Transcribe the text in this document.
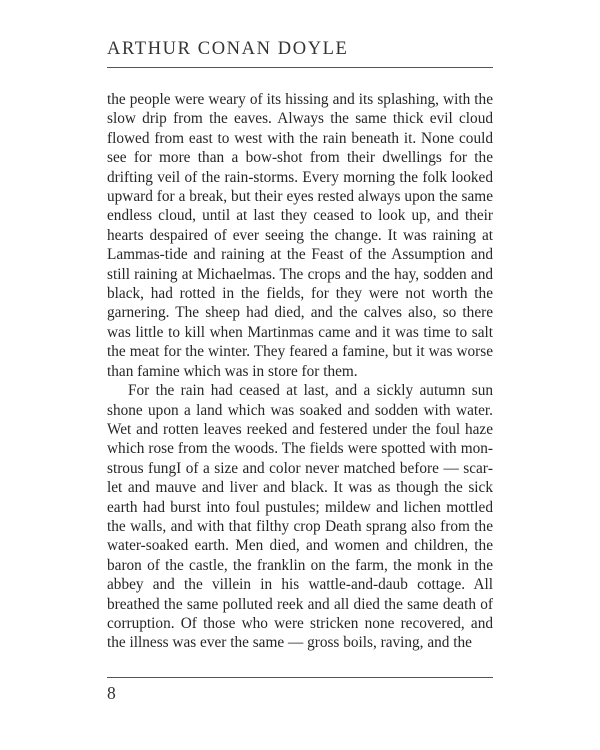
ARTHUR CONAN DOYLE

the people were weary of its hissing and its splashing, with the slow drip from the eaves. Always the same thick evil cloud flowed from east to west with the rain beneath it. None could see for more than a bow-shot from their dwellings for the drifting veil of the rain-storms. Every morning the folk looked upward for a break, but their eyes rested always upon the same endless cloud, until at last they ceased to look up, and their hearts despaired of ever seeing the change. It was raining at Lammas-tide and raining at the Feast of the Assumption and still raining at Michaelmas. The crops and the hay, sodden and black, had rotted in the fields, for they were not worth the garnering. The sheep had died, and the calves also, so there was little to kill when Martinmas came and it was time to salt the meat for the winter. They feared a famine, but it was worse than famine which was in store for them.

For the rain had ceased at last, and a sickly autumn sun shone upon a land which was soaked and sodden with water. Wet and rotten leaves reeked and festered under the foul haze which rose from the woods. The fields were spotted with monstrous fungI of a size and color never matched before — scarlet and mauve and liver and black. It was as though the sick earth had burst into foul pustules; mildew and lichen mottled the walls, and with that filthy crop Death sprang also from the water-soaked earth. Men died, and women and children, the baron of the castle, the franklin on the farm, the monk in the abbey and the villein in his wattle-and-daub cottage. All breathed the same polluted reek and all died the same death of corruption. Of those who were stricken none recovered, and the illness was ever the same — gross boils, raving, and the

8
